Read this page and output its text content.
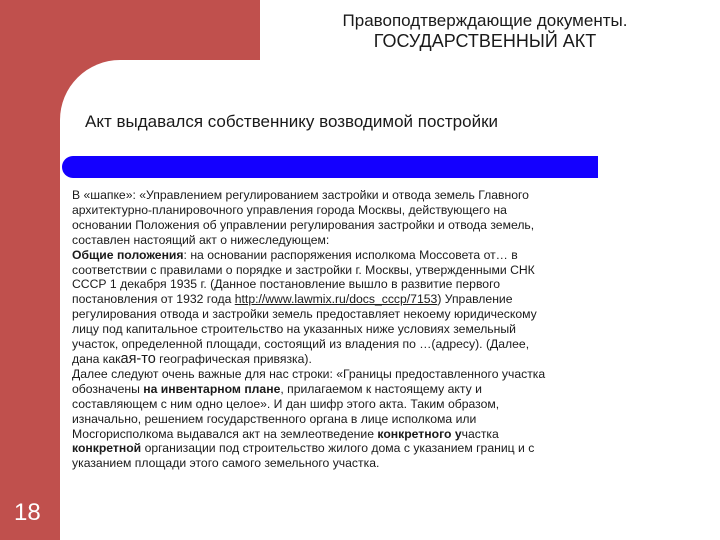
Правоподтверждающие документы.
ГОСУДАРСТВЕННЫЙ АКТ
Акт выдавался собственнику возводимой постройки
В «шапке»: «Управлением регулированием застройки и отвода земель Главного
архитектурно-планировочного управления города Москвы, действующего на
основании Положения об управлении регулирования застройки и отвода земель,
составлен настоящий акт о нижеследующем:
Общие положения: на основании распоряжения исполкома Моссовета от… в
соответствии с правилами о порядке и застройки г. Москвы, утвержденными СНК
СССР 1 декабря 1935 г. (Данное постановление вышло в развитие первого
постановления от 1932 года http://www.lawmix.ru/docs_cccp/7153) Управление
регулирования отвода и застройки земель предоставляет некоему юридическому
лицу под капитальное строительство на указанных ниже условиях земельный
участок, определенной площади, состоящий из владения по …(адресу). (Далее,
дана какая-то географическая привязка).
Далее следуют очень важные для нас строки: «Границы предоставленного участка
обозначены на инвентарном плане, прилагаемом к настоящему акту и
составляющем с ним одно целое». И дан шифр этого акта. Таким образом,
изначально, решением государственного органа в лице исполкома или
Мосгорисполкома выдавался акт на землеотведение конкретного участка
конкретной организации под строительство жилого дома с указанием границ и с
указанием площади этого самого земельного участка.
18
